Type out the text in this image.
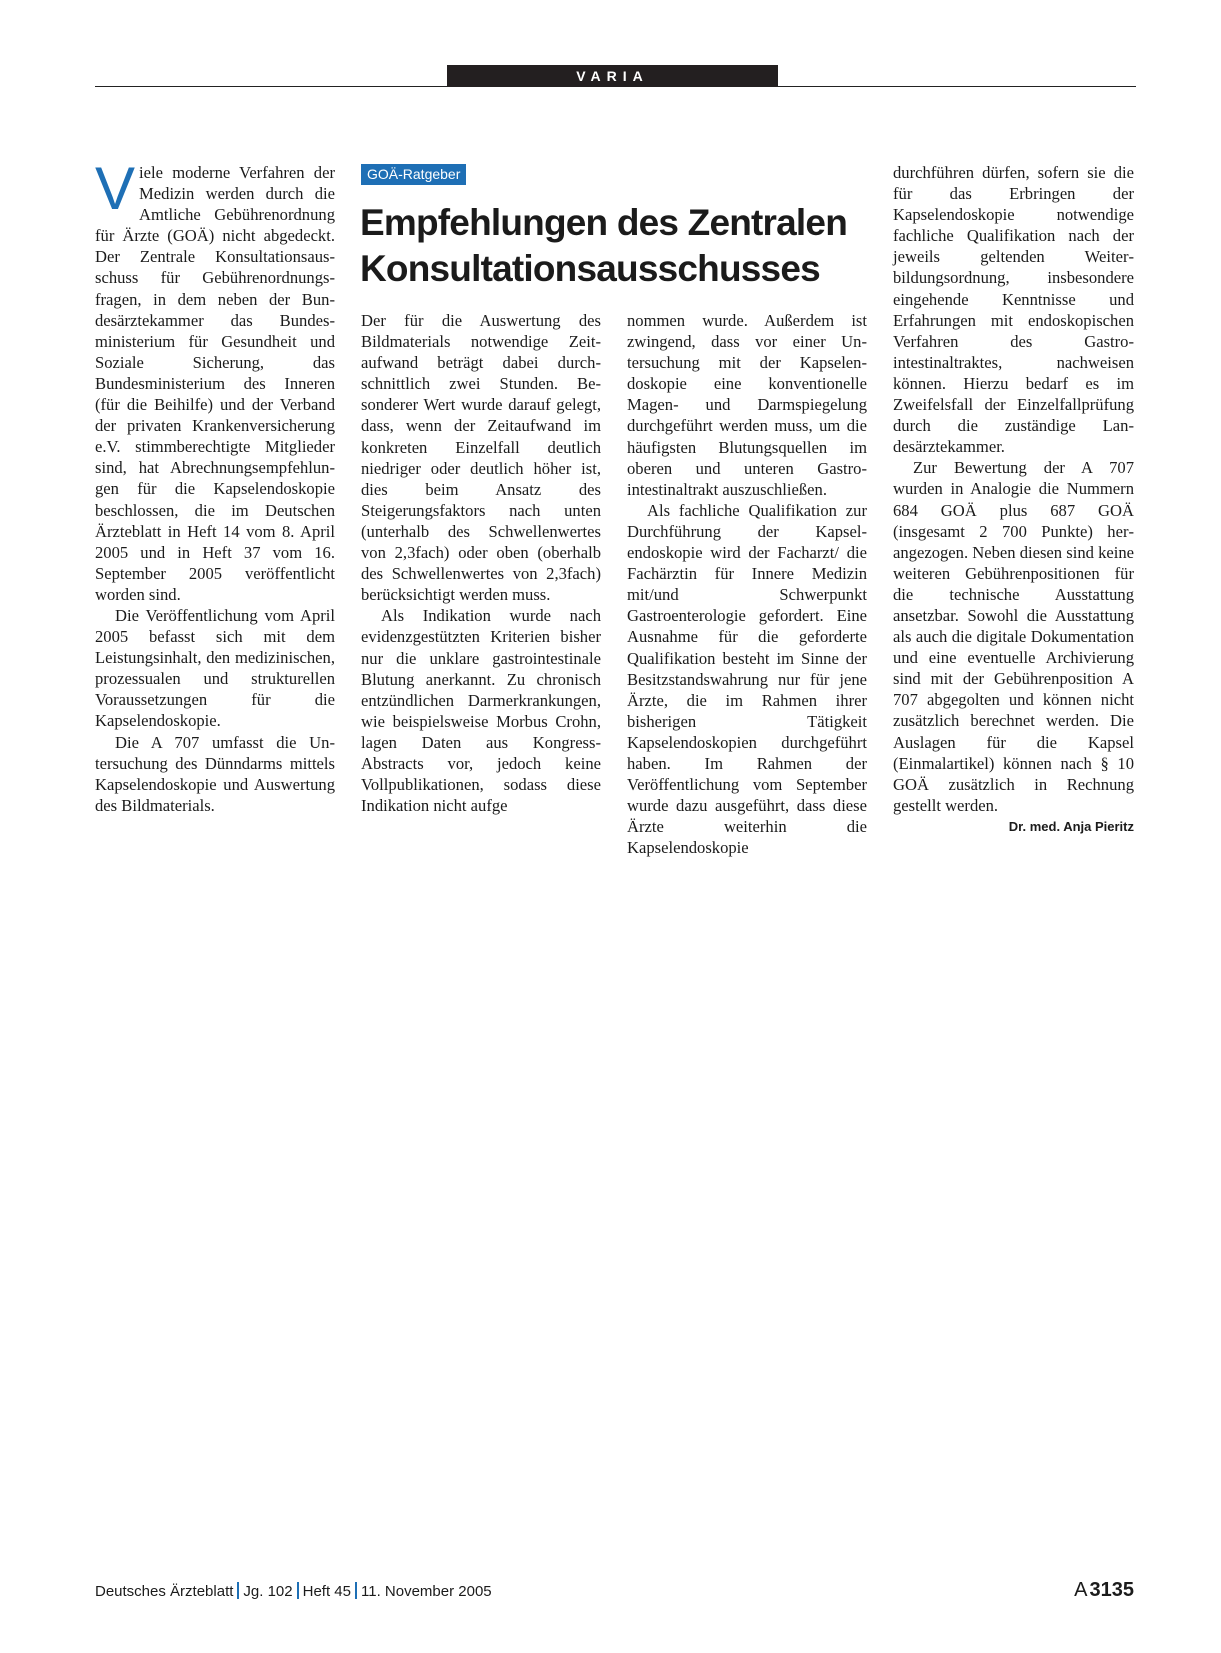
VARIA

Viele moderne Verfahren der Medizin werden durch die Amtliche Gebührenordnung für Ärzte (GOÄ) nicht abgedeckt. Der Zentrale Konsultationsausschuss für Gebührenordnungsfragen, in dem neben der Bundesärztekammer das Bundesministerium für Gesundheit und Soziale Sicherung, das Bundesministerium des Inneren (für die Beihilfe) und der Verband der privaten Krankenversicherung e.V. stimmberechtigte Mitglieder sind, hat Abrechnungsempfehlungen für die Kapselendoskopie beschlossen, die im Deutschen Ärzteblatt in Heft 14 vom 8. April 2005 und in Heft 37 vom 16. September 2005 veröffentlicht worden sind.

Die Veröffentlichung vom April 2005 befasst sich mit dem Leistungsinhalt, den medizinischen, prozessualen und strukturellen Voraussetzungen für die Kapselendoskopie.

Die A 707 umfasst die Untersuchung des Dünndarms mittels Kapselendoskopie und Auswertung des Bildmaterials.

GOÄ-Ratgeber
Empfehlungen des Zentralen
Konsultationsausschusses

Der für die Auswertung des Bildmaterials notwendige Zeitaufwand beträgt dabei durchschnittlich zwei Stunden. Besonderer Wert wurde darauf gelegt, dass, wenn der Zeitaufwand im konkreten Einzelfall deutlich niedriger oder deutlich höher ist, dies beim Ansatz des Steigerungsfaktors nach unten (unterhalb des Schwellenwertes von 2,3fach) oder oben (oberhalb des Schwellenwertes von 2,3fach) berücksichtigt werden muss.

Als Indikation wurde nach evidenzgestützten Kriterien bisher nur die unklare gastrointestinale Blutung anerkannt. Zu chronisch entzündlichen Darmerkrankungen, wie beispielsweise Morbus Crohn, lagen Daten aus Kongress-Abstracts vor, jedoch keine Vollpublikationen, sodass diese Indikation nicht aufge

nommen wurde. Außerdem ist zwingend, dass vor einer Untersuchung mit der Kapselendoskopie eine konventionelle Magen- und Darmspiegelung durchgeführt werden muss, um die häufigsten Blutungsquellen im oberen und unteren Gastrointestinaltrakt auszuschließen.

Als fachliche Qualifikation zur Durchführung der Kapselendoskopie wird der Facharzt/ die Fachärztin für Innere Medizin mit/und Schwerpunkt Gastroenterologie gefordert. Eine Ausnahme für die geforderte Qualifikation besteht im Sinne der Besitzstandswahrung nur für jene Ärzte, die im Rahmen ihrer bisherigen Tätigkeit Kapselendoskopien durchgeführt haben. Im Rahmen der Veröffentlichung vom September wurde dazu ausgeführt, dass diese Ärzte weiterhin die Kapselendoskopie

durchführen dürfen, sofern sie die für das Erbringen der Kapselendoskopie notwendige fachliche Qualifikation nach der jeweils geltenden Weiterbildungsordnung, insbesondere eingehende Kenntnisse und Erfahrungen mit endoskopischen Verfahren des Gastrointestinaltraktes, nachweisen können. Hierzu bedarf es im Zweifelsfall der Einzelfallprüfung durch die zuständige Landesärztekammer.

Zur Bewertung der A 707 wurden in Analogie die Nummern 684 GOÄ plus 687 GOÄ (insgesamt 2 700 Punkte) herangezogen. Neben diesen sind keine weiteren Gebührenpositionen für die technische Ausstattung ansetzbar. Sowohl die Ausstattung als auch die digitale Dokumentation und eine eventuelle Archivierung sind mit der Gebührenposition A 707 abgegolten und können nicht zusätzlich berechnet werden. Die Auslagen für die Kapsel (Einmalartikel) können nach § 10 GOÄ zusätzlich in Rechnung gestellt werden.
Dr. med. Anja Pieritz

Deutsches Ärzteblatt Jg. 102 Heft 45 11. November 2005	A 3135
